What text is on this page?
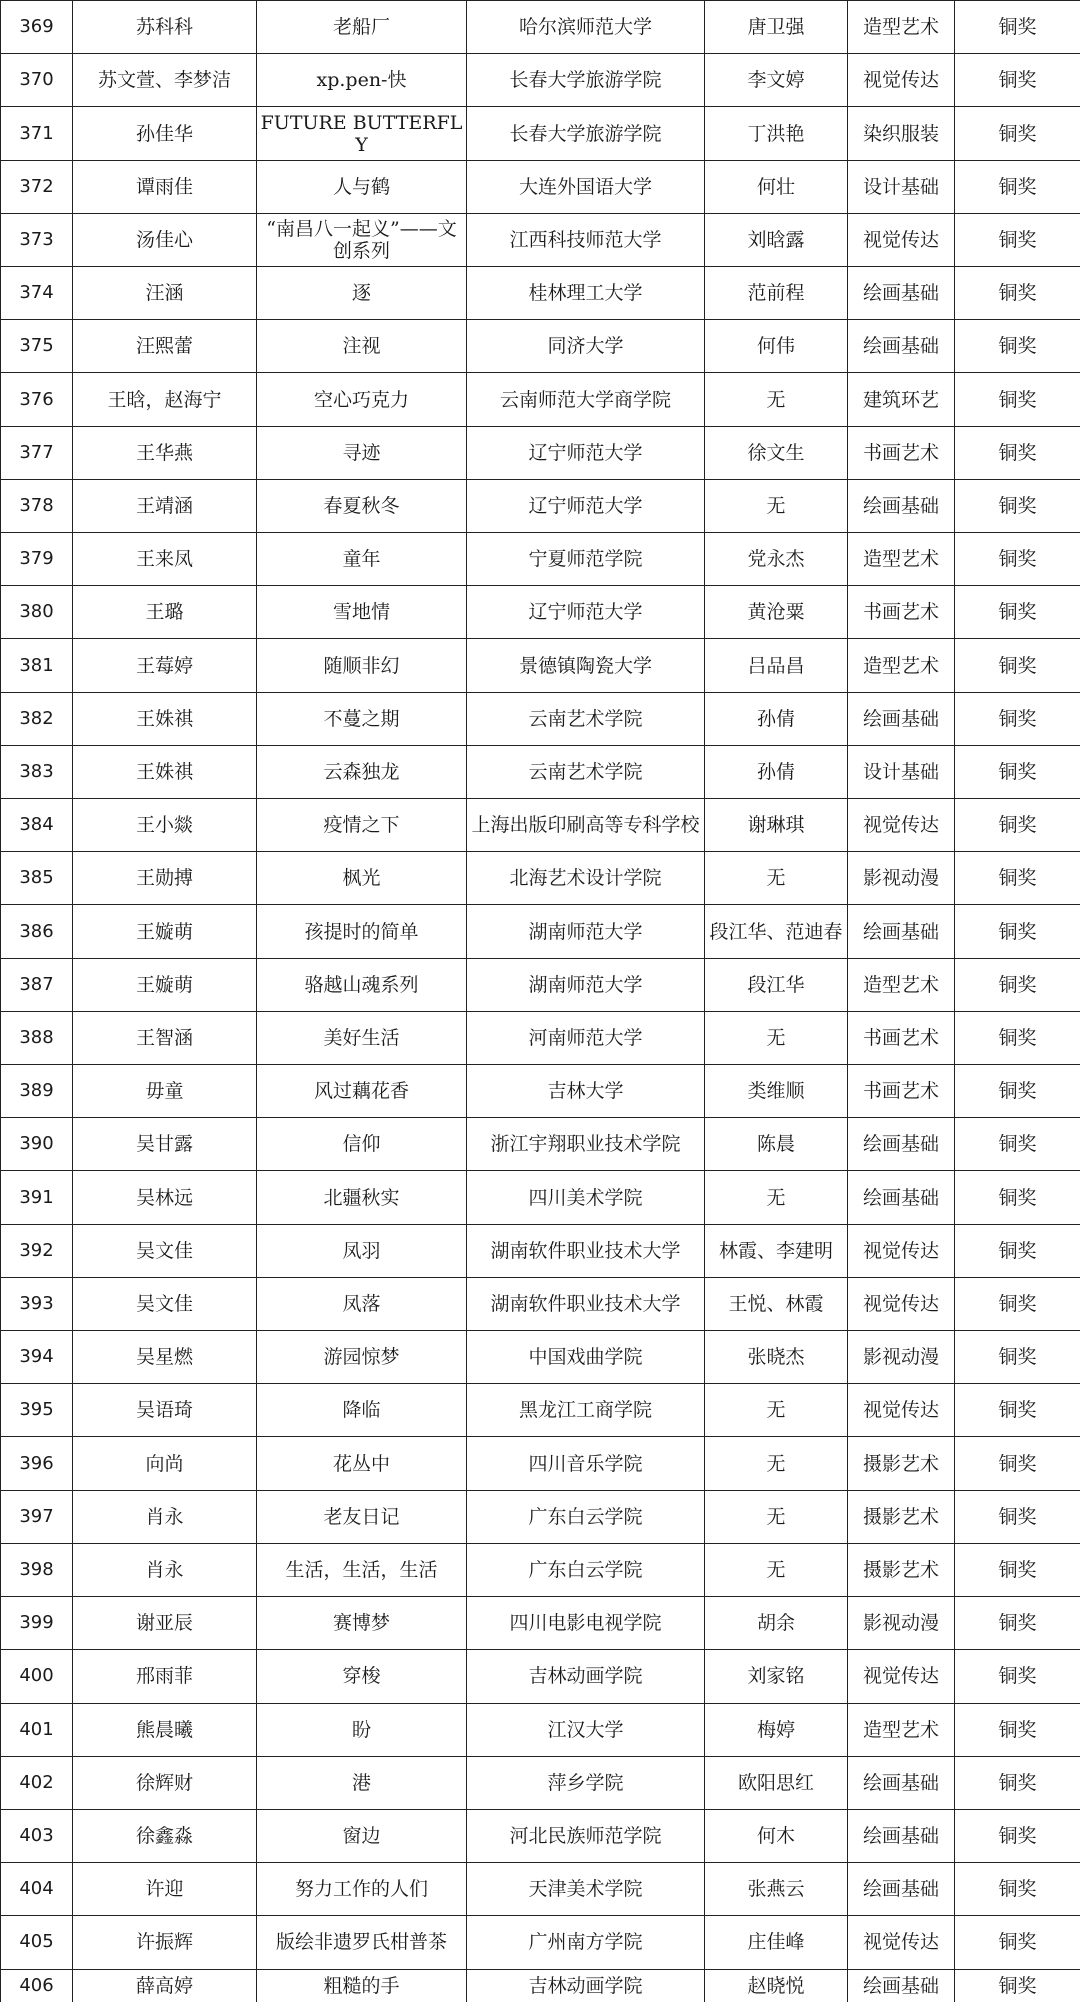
369	苏科科	老船厂	哈尔滨师范大学	唐卫强	造型艺术	铜奖
370	苏文萱、李梦洁	xp.pen-快	长春大学旅游学院	李文婷	视觉传达	铜奖
371	孙佳华	FUTURE BUTTERFLY	长春大学旅游学院	丁洪艳	染织服装	铜奖
372	谭雨佳	人与鹤	大连外国语大学	何壮	设计基础	铜奖
373	汤佳心	“南昌八一起义”——文创系列	江西科技师范大学	刘晗露	视觉传达	铜奖
374	汪涵	逐	桂林理工大学	范前程	绘画基础	铜奖
375	汪熙蕾	注视	同济大学	何伟	绘画基础	铜奖
376	王晗，赵海宁	空心巧克力	云南师范大学商学院	无	建筑环艺	铜奖
377	王华燕	寻迹	辽宁师范大学	徐文生	书画艺术	铜奖
378	王靖涵	春夏秋冬	辽宁师范大学	无	绘画基础	铜奖
379	王来凤	童年	宁夏师范学院	党永杰	造型艺术	铜奖
380	王璐	雪地情	辽宁师范大学	黄沧粟	书画艺术	铜奖
381	王莓婷	随顺非幻	景德镇陶瓷大学	吕品昌	造型艺术	铜奖
382	王姝祺	不蔓之期	云南艺术学院	孙倩	绘画基础	铜奖
383	王姝祺	云森独龙	云南艺术学院	孙倩	设计基础	铜奖
384	王小燚	疫情之下	上海出版印刷高等专科学校	谢琳琪	视觉传达	铜奖
385	王勋搏	枫光	北海艺术设计学院	无	影视动漫	铜奖
386	王嫙萌	孩提时的简单	湖南师范大学	段江华、范迪春	绘画基础	铜奖
387	王嫙萌	骆越山魂系列	湖南师范大学	段江华	造型艺术	铜奖
388	王智涵	美好生活	河南师范大学	无	书画艺术	铜奖
389	毋童	风过藕花香	吉林大学	类维顺	书画艺术	铜奖
390	吴甘露	信仰	浙江宇翔职业技术学院	陈晨	绘画基础	铜奖
391	吴林远	北疆秋实	四川美术学院	无	绘画基础	铜奖
392	吴文佳	凤羽	湖南软件职业技术大学	林霞、李建明	视觉传达	铜奖
393	吴文佳	凤落	湖南软件职业技术大学	王悦、林霞	视觉传达	铜奖
394	吴星燃	游园惊梦	中国戏曲学院	张晓杰	影视动漫	铜奖
395	吴语琦	降临	黑龙江工商学院	无	视觉传达	铜奖
396	向尚	花丛中	四川音乐学院	无	摄影艺术	铜奖
397	肖永	老友日记	广东白云学院	无	摄影艺术	铜奖
398	肖永	生活，生活，生活	广东白云学院	无	摄影艺术	铜奖
399	谢亚辰	赛博梦	四川电影电视学院	胡余	影视动漫	铜奖
400	邢雨菲	穿梭	吉林动画学院	刘家铭	视觉传达	铜奖
401	熊晨曦	盼	江汉大学	梅婷	造型艺术	铜奖
402	徐辉财	港	萍乡学院	欧阳思红	绘画基础	铜奖
403	徐鑫淼	窗边	河北民族师范学院	何木	绘画基础	铜奖
404	许迎	努力工作的人们	天津美术学院	张燕云	绘画基础	铜奖
405	许振辉	版绘非遗罗氏柑普茶	广州南方学院	庄佳峰	视觉传达	铜奖
406	薛高婷	粗糙的手	吉林动画学院	赵晓悦	绘画基础	铜奖
